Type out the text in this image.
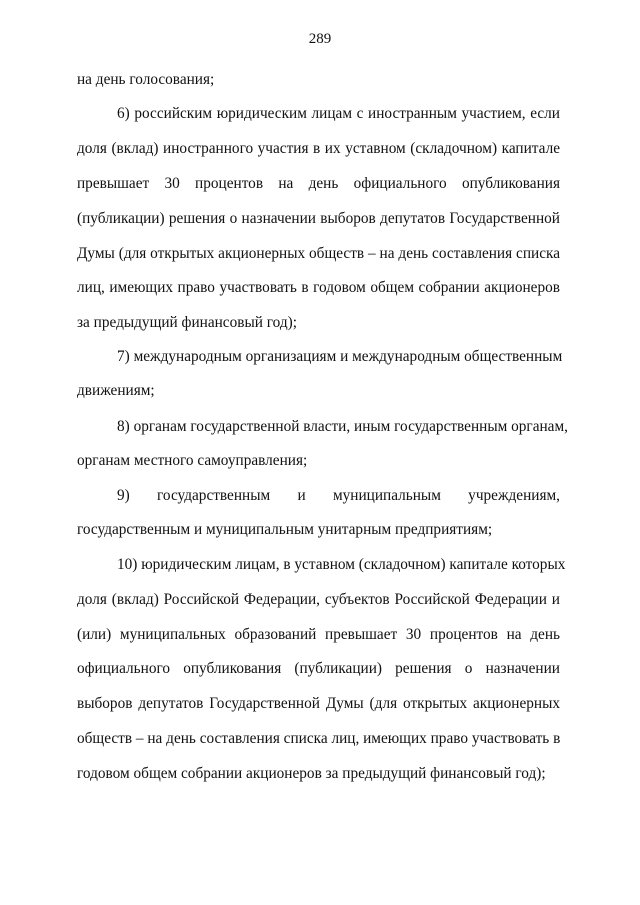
289
на день голосования;
6) российским юридическим лицам с иностранным участием, если
доля (вклад) иностранного участия в их уставном (складочном) капитале
превышает 30 процентов на день официального опубликования
(публикации) решения о назначении выборов депутатов Государственной
Думы (для открытых акционерных обществ – на день составления списка
лиц, имеющих право участвовать в годовом общем собрании акционеров
за предыдущий финансовый год);
7) международным организациям и международным общественным
движениям;
8) органам государственной власти, иным государственным органам,
органам местного самоуправления;
9) государственным и муниципальным учреждениям,
государственным и муниципальным унитарным предприятиям;
10) юридическим лицам, в уставном (складочном) капитале которых
доля (вклад) Российской Федерации, субъектов Российской Федерации и
(или) муниципальных образований превышает 30 процентов на день
официального опубликования (публикации) решения о назначении
выборов депутатов Государственной Думы (для открытых акционерных
обществ – на день составления списка лиц, имеющих право участвовать в
годовом общем собрании акционеров за предыдущий финансовый год);
